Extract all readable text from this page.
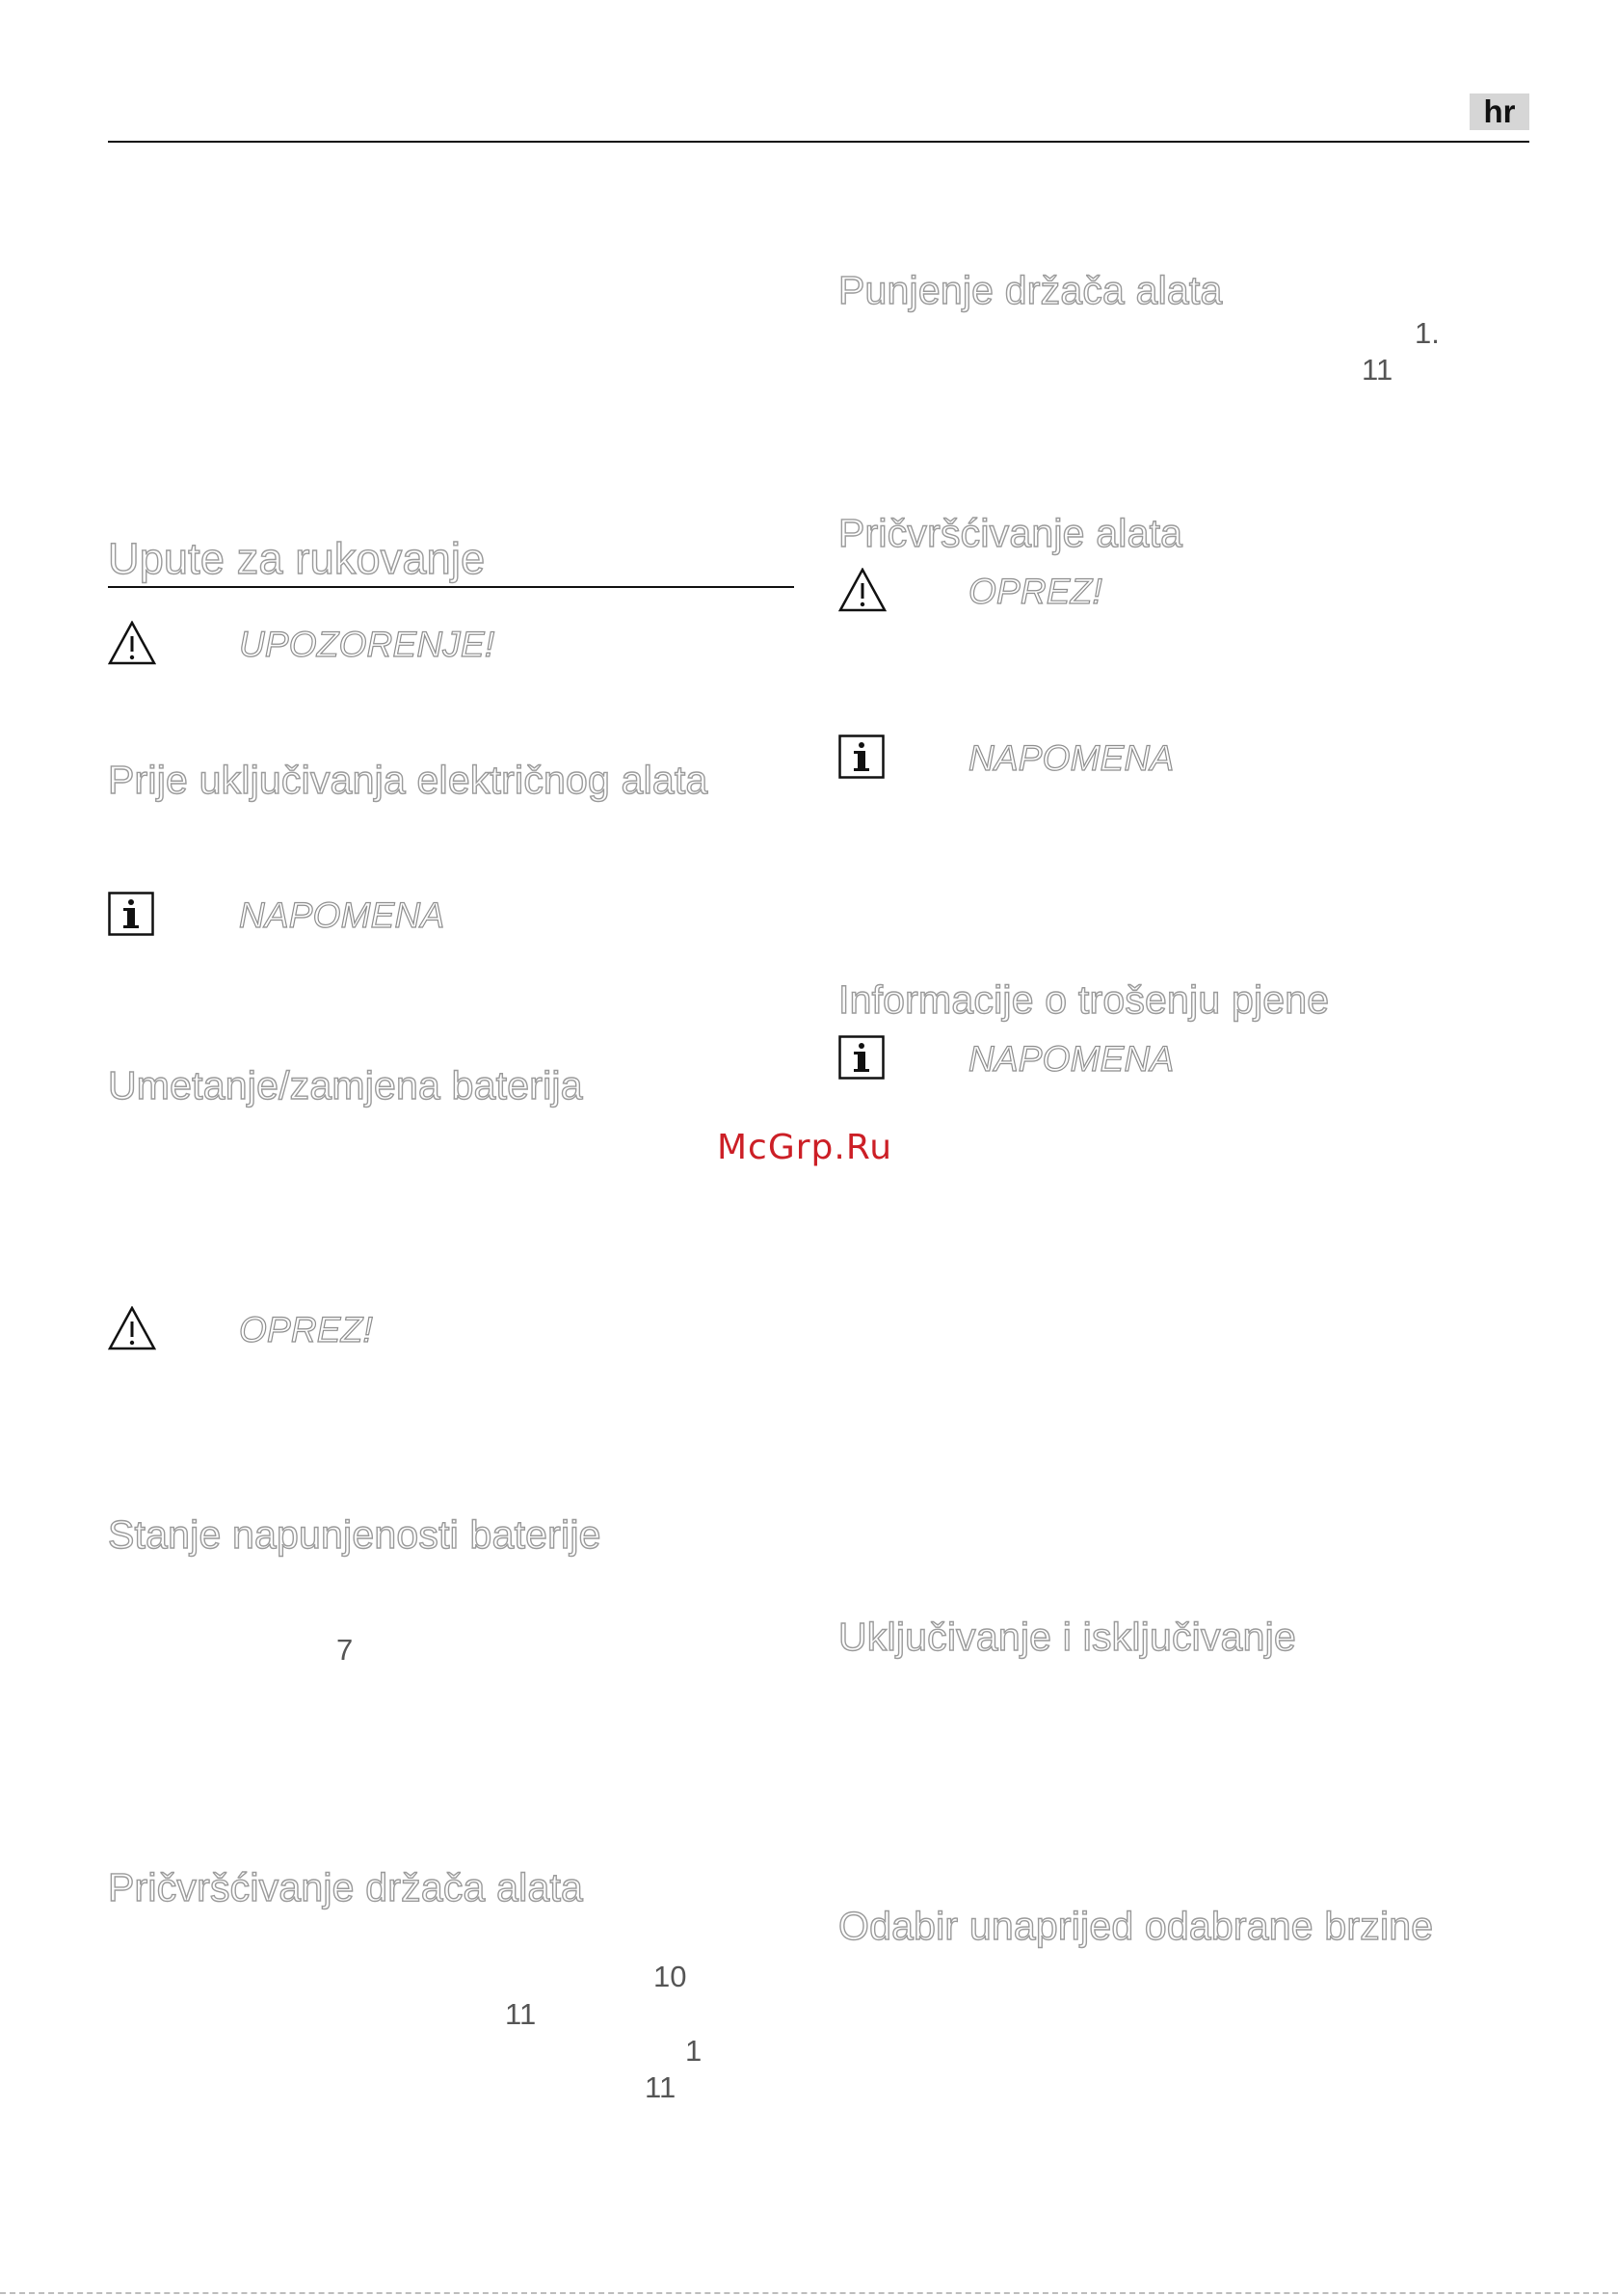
hr
Upute za rukovanje
UPOZORENJE!
Prije uključivanja električnog alata
NAPOMENA
Umetanje/zamjena baterija
OPREZ!
Stanje napunjenosti baterije
7
Pričvršćivanje držača alata
10
11
1
11
Punjenje držača alata
1.
11
Pričvršćivanje alata
OPREZ!
NAPOMENA
Informacije o trošenju pjene
NAPOMENA
Uključivanje i isključivanje
Odabir unaprijed odabrane brzine
McGrp.Ru
